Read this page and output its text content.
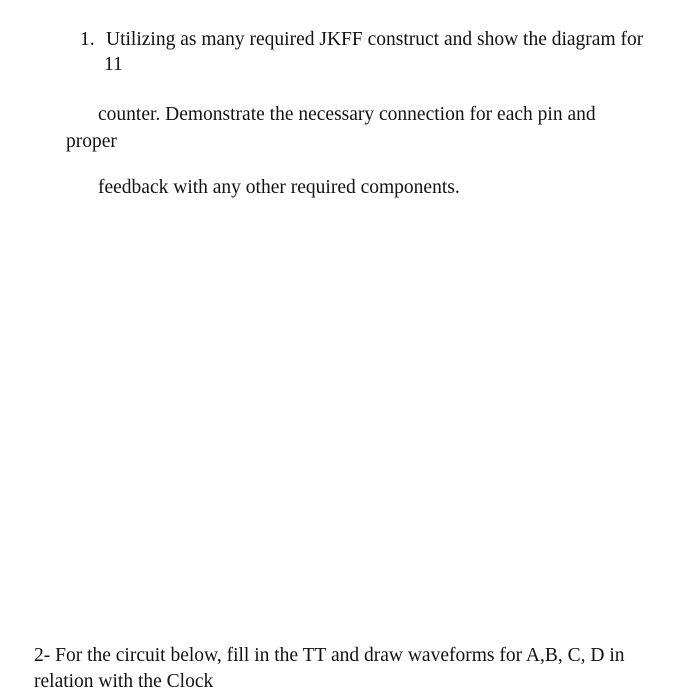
1. Utilizing as many required JKFF construct and show the diagram for

11

counter. Demonstrate the necessary connection for each pin and

proper

feedback with any other required components.

2- For the circuit below, fill in the TT and draw waveforms for A,B, C, D in

relation with the Clock
